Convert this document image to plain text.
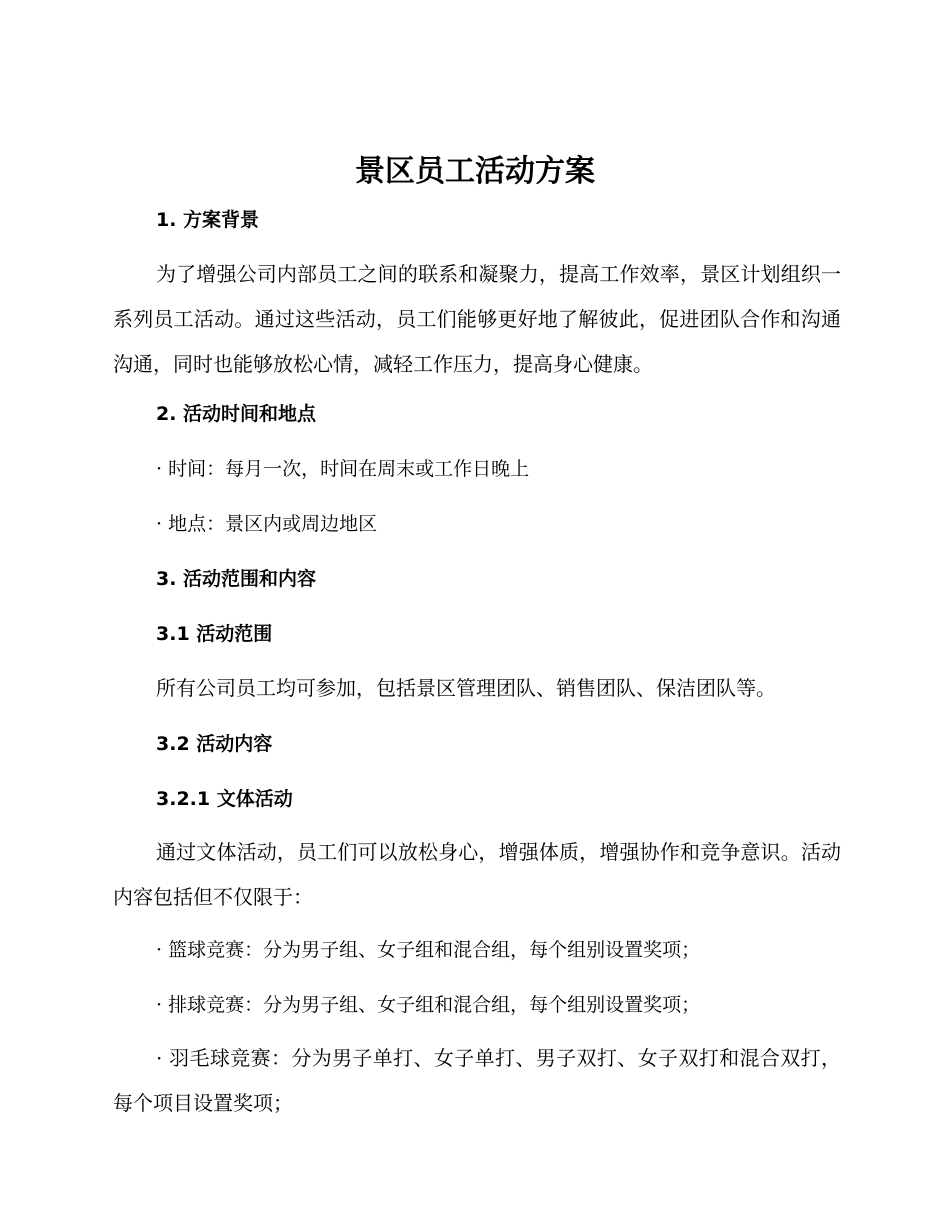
景区员工活动方案
1. 方案背景

为了增强公司内部员工之间的联系和凝聚力，提高工作效率，景区计划组织一系列员工活动。通过这些活动，员工们能够更好地了解彼此，促进团队合作和沟通沟通，同时也能够放松心情，减轻工作压力，提高身心健康。

2. 活动时间和地点
· 时间：每月一次，时间在周末或工作日晚上
· 地点：景区内或周边地区
3. 活动范围和内容
3.1 活动范围

所有公司员工均可参加，包括景区管理团队、销售团队、保洁团队等。

3.2 活动内容
3.2.1 文体活动

通过文体活动，员工们可以放松身心，增强体质，增强协作和竞争意识。活动内容包括但不仅限于：

· 篮球竞赛：分为男子组、女子组和混合组，每个组别设置奖项；
· 排球竞赛：分为男子组、女子组和混合组，每个组别设置奖项；

· 羽毛球竞赛：分为男子单打、女子单打、男子双打、女子双打和混合双打，每个项目设置奖项；
